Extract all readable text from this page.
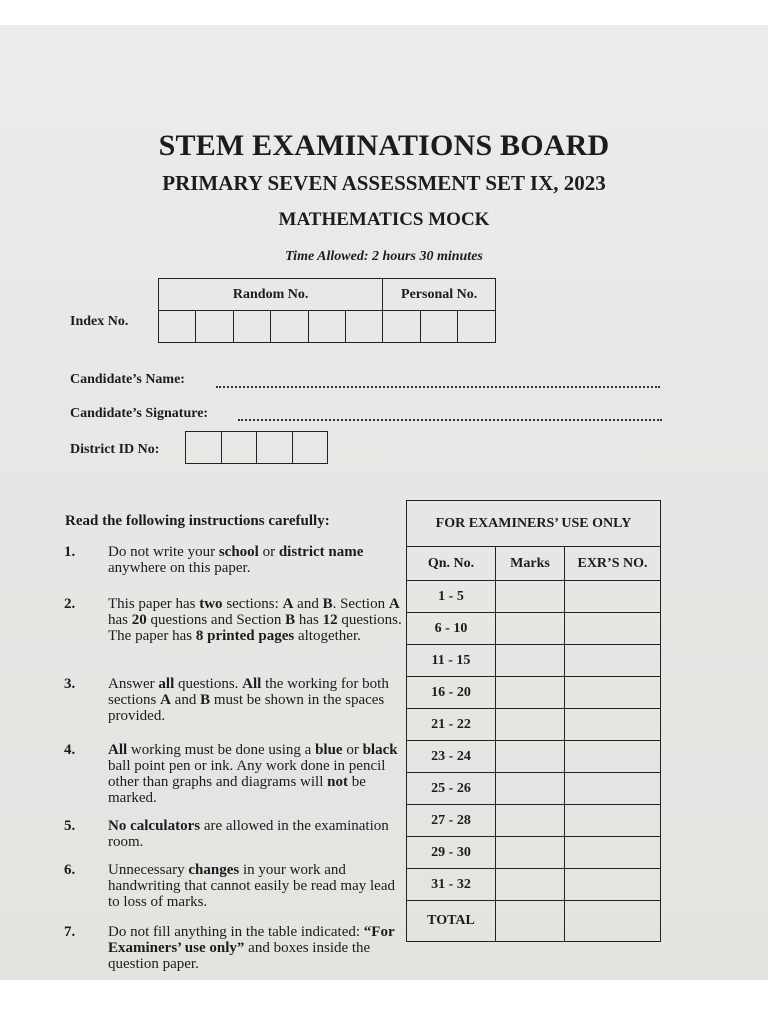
STEM EXAMINATIONS BOARD
PRIMARY SEVEN ASSESSMENT SET IX, 2023
MATHEMATICS MOCK
Time Allowed: 2 hours 30 minutes
Random No.						Personal No.		

Index No.
Candidate’s Name:
Candidate’s Signature:
District ID No:

Read the following instructions carefully:
1.	Do not write your school or district name anywhere on this paper.
2.	This paper has two sections: A and B. Section A has 20 questions and Section B has 12 questions. The paper has 8 printed pages altogether.
3.	Answer all questions. All the working for both sections A and B must be shown in the spaces provided.
4.	All working must be done using a blue or black ball point pen or ink. Any work done in pencil other than graphs and diagrams will not be marked.
5.	No calculators are allowed in the examination room.
6.	Unnecessary changes in your work and handwriting that cannot easily be read may lead to loss of marks.
7.	Do not fill anything in the table indicated: “For Examiners’ use only” and boxes inside the question paper.
FOR EXAMINERS’ USE ONLY		
Qn. No.	Marks	EXR’S NO.
1 - 5		
6 - 10		
11 - 15		
16 - 20		
21 - 22		
23 - 24		
25 - 26		
27 - 28		
29 - 30		
31 - 32		
TOTAL		
